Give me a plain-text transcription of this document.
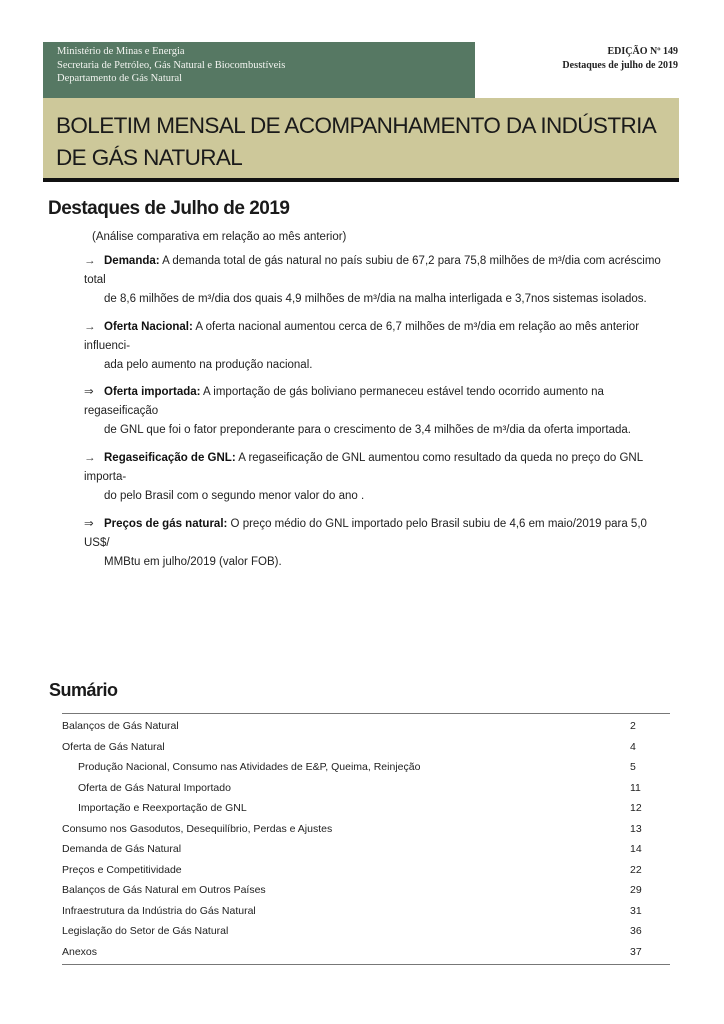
Ministério de Minas e Energia
Secretaria de Petróleo, Gás Natural e Biocombustíveis
Departamento de Gás Natural
EDIÇÃO Nº 149
Destaques de julho de 2019
BOLETIM MENSAL DE ACOMPANHAMENTO DA INDÚSTRIA
DE GÁS NATURAL
Destaques de Julho de 2019
(Análise comparativa em relação ao mês anterior)
→ Demanda: A demanda total de gás natural no país subiu de 67,2 para 75,8 milhões de m³/dia com acréscimo total
de 8,6 milhões de m³/dia dos quais 4,9 milhões de m³/dia na malha interligada e 3,7nos sistemas isolados.
→ Oferta Nacional: A oferta nacional aumentou cerca de 6,7 milhões de m³/dia em relação ao mês anterior influenci-
ada pelo aumento na produção nacional.
⇒ Oferta importada: A importação de gás boliviano permaneceu estável tendo ocorrido aumento na regaseificação
de GNL que foi o fator preponderante para o crescimento de 3,4 milhões de m³/dia da oferta importada.
→ Regaseificação de GNL: A regaseificação de GNL aumentou como resultado da queda no preço do GNL importa-
do pelo Brasil com o segundo menor valor do ano .
⇒ Preços de gás natural: O preço médio do GNL importado pelo Brasil subiu de 4,6 em maio/2019 para 5,0 US$/
MMBtu em julho/2019 (valor FOB).
Sumário
Balanços de Gás Natural	2
Oferta de Gás Natural	4
Produção Nacional, Consumo nas Atividades de E&P, Queima, Reinjeção	5
Oferta de Gás Natural Importado	11
Importação e Reexportação de GNL	12
Consumo nos Gasodutos, Desequilíbrio, Perdas e Ajustes	13
Demanda de Gás Natural	14
Preços e Competitividade	22
Balanços de Gás Natural em Outros Países	29
Infraestrutura da Indústria do Gás Natural	31
Legislação do Setor de Gás Natural	36
Anexos	37
